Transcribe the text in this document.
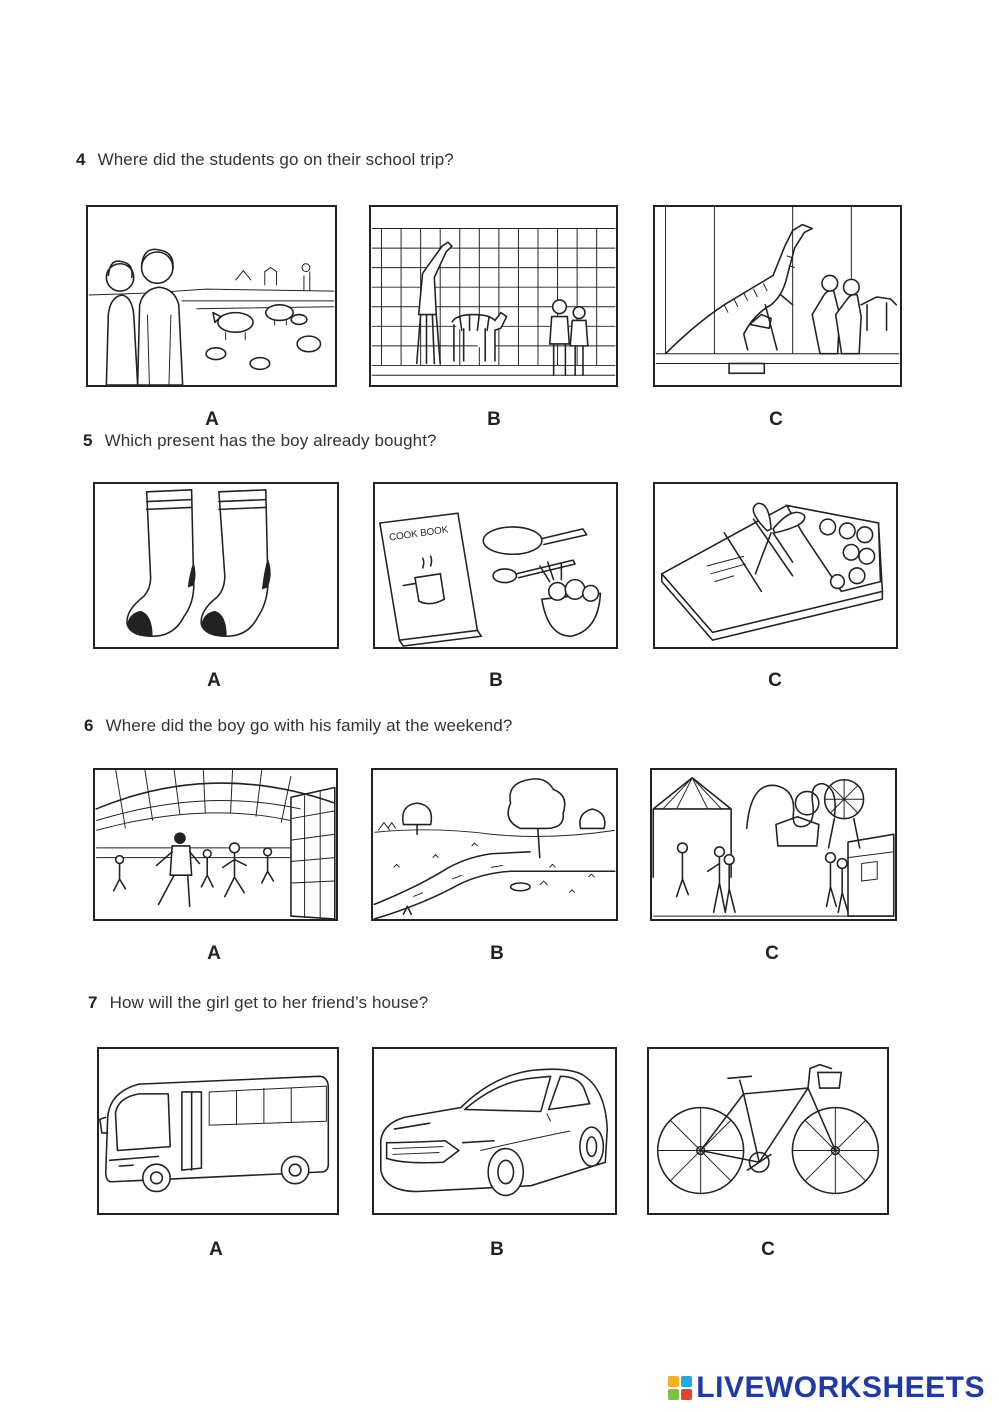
4 Where did the students go on their school trip?
A	B	C
5 Which present has the boy already bought?
A
COOK BOOK
B	C
6 Where did the boy go with his family at the weekend?
A	B	C
7 How will the girl get to her friend’s house?
A	B	C
LIVEWORKSHEETS
